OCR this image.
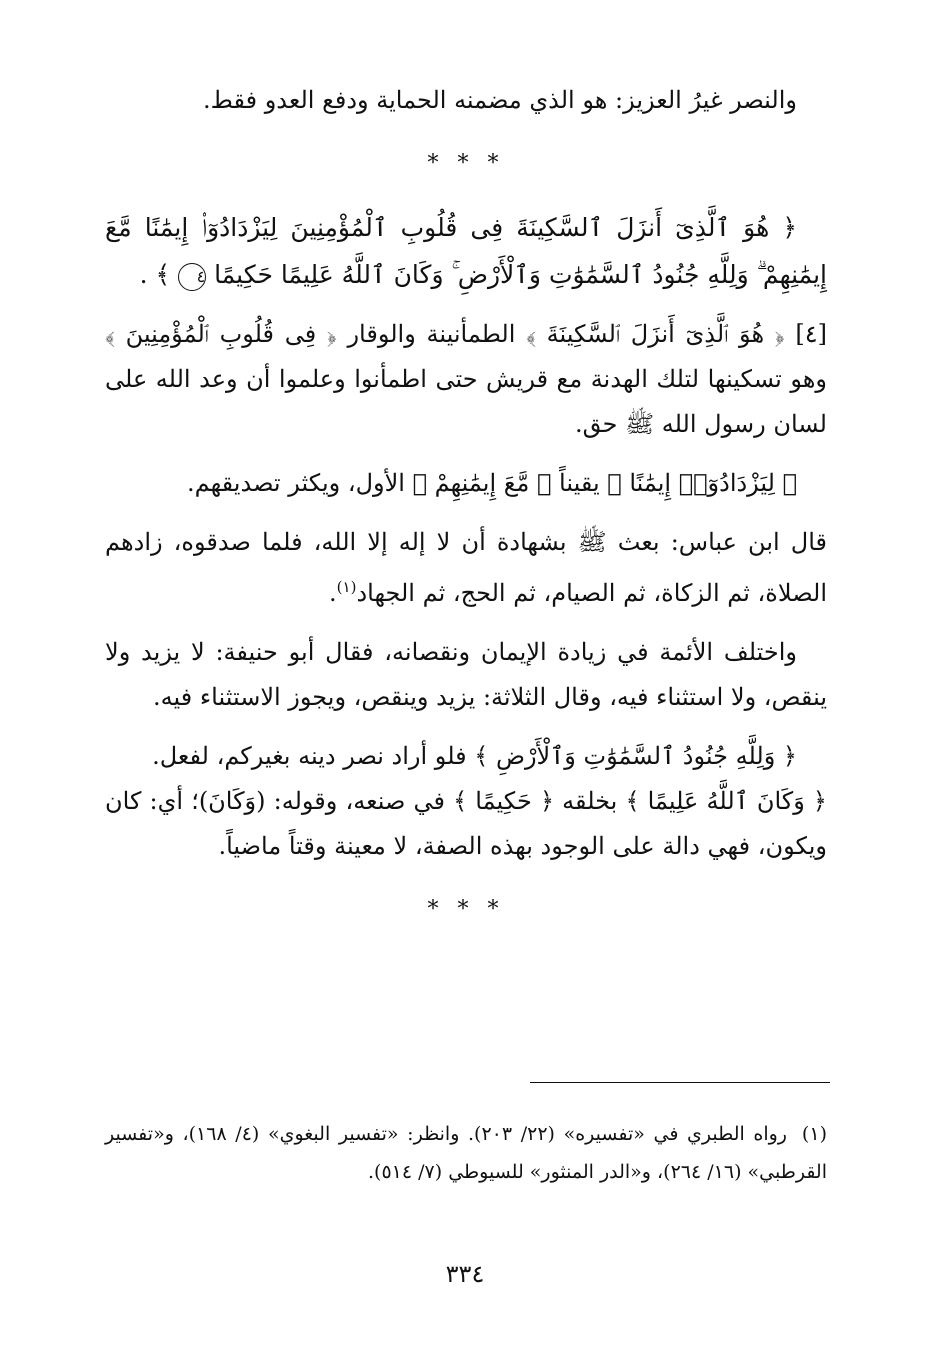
والنصر غيرُ العزيز: هو الذي مضمنه الحماية ودفع العدو فقط.

* * *

﴿ هُوَ ٱلَّذِىٓ أَنزَلَ ٱلسَّكِينَةَ فِى قُلُوبِ ٱلْمُؤْمِنِينَ لِيَزْدَادُوٓا۟ إِيمَٰنًا مَّعَ إِيمَٰنِهِمْ ۗ وَلِلَّهِ جُنُودُ ٱلسَّمَٰوَٰتِ وَٱلْأَرْضِ ۚ وَكَانَ ٱللَّهُ عَلِيمًا حَكِيمًا ٤ ﴾ .

[٤] ﴿ هُوَ ٱلَّذِىٓ أَنزَلَ ٱلسَّكِينَةَ ﴾ الطمأنينة والوقار ﴿ فِى قُلُوبِ ٱلْمُؤْمِنِينَ ﴾ وهو تسكينها لتلك الهدنة مع قريش حتى اطمأنوا وعلموا أن وعد الله على لسان رسول الله ﷺ حق.

﴿ لِيَزْدَادُوٓا۟ إِيمَٰنًا ﴾ يقيناً ﴿ مَّعَ إِيمَٰنِهِمْ ﴾ الأول، ويكثر تصديقهم.

قال ابن عباس: بعث ﷺ بشهادة أن لا إله إلا الله، فلما صدقوه، زادهم الصلاة، ثم الزكاة، ثم الصيام، ثم الحج، ثم الجهاد$^{(١)}$.

واختلف الأئمة في زيادة الإيمان ونقصانه، فقال أبو حنيفة: لا يزيد ولا ينقص، ولا استثناء فيه، وقال الثلاثة: يزيد وينقص، ويجوز الاستثناء فيه.

﴿ وَلِلَّهِ جُنُودُ ٱلسَّمَٰوَٰتِ وَٱلْأَرْضِ ﴾ فلو أراد نصر دينه بغيركم، لفعل.

﴿ وَكَانَ ٱللَّهُ عَلِيمًا ﴾ بخلقه ﴿ حَكِيمًا ﴾ في صنعه، وقوله: (وَكَانَ)؛ أي: كان ويكون، فهي دالة على الوجود بهذه الصفة، لا معينة وقتاً ماضياً.

* * *

(١)رواه الطبري في «تفسيره» (٢٢/ ٢٠٣). وانظر: «تفسير البغوي» (٤/ ١٦٨)، و«تفسير القرطبي» (١٦/ ٢٦٤)، و«الدر المنثور» للسيوطي (٧/ ٥١٤).

٣٣٤
